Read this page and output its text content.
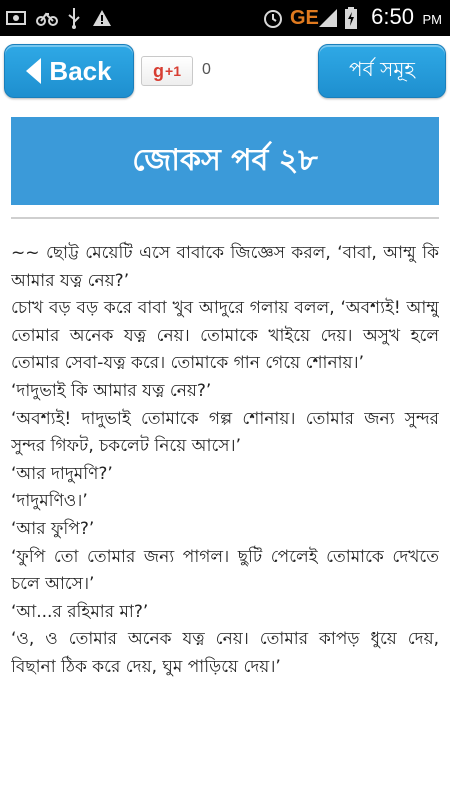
GE 6:50 PM
Back g +1 0	পর্ব সমূহ
জোকস পর্ব ২৮

~~ ছোট্ট মেয়েটি এসে বাবাকে জিজ্ঞেস করল, ‘বাবা, আম্মু কি আমার যত্ন নেয়?’

চোখ বড় বড় করে বাবা খুব আদুরে গলায় বলল, ‘অবশ্যই! আম্মু তোমার অনেক যত্ন নেয়। তোমাকে খাইয়ে দেয়। অসুখ হলে তোমার সেবা-যত্ন করে। তোমাকে গান গেয়ে শোনায়।’

‘দাদুভাই কি আমার যত্ন নেয়?’

‘অবশ্যই! দাদুভাই তোমাকে গল্প শোনায়। তোমার জন্য সুন্দর সুন্দর গিফট, চকলেট নিয়ে আসে।’

‘আর দাদুমণি?’

‘দাদুমণিও।’

‘আর ফুপি?’

‘ফুপি তো তোমার জন্য পাগল। ছুটি পেলেই তোমাকে দেখতে চলে আসে।’

‘আ...র রহিমার মা?’

‘ও, ও তোমার অনেক যত্ন নেয়। তোমার কাপড় ধুয়ে দেয়, বিছানা ঠিক করে দেয়, ঘুম পাড়িয়ে দেয়।’
